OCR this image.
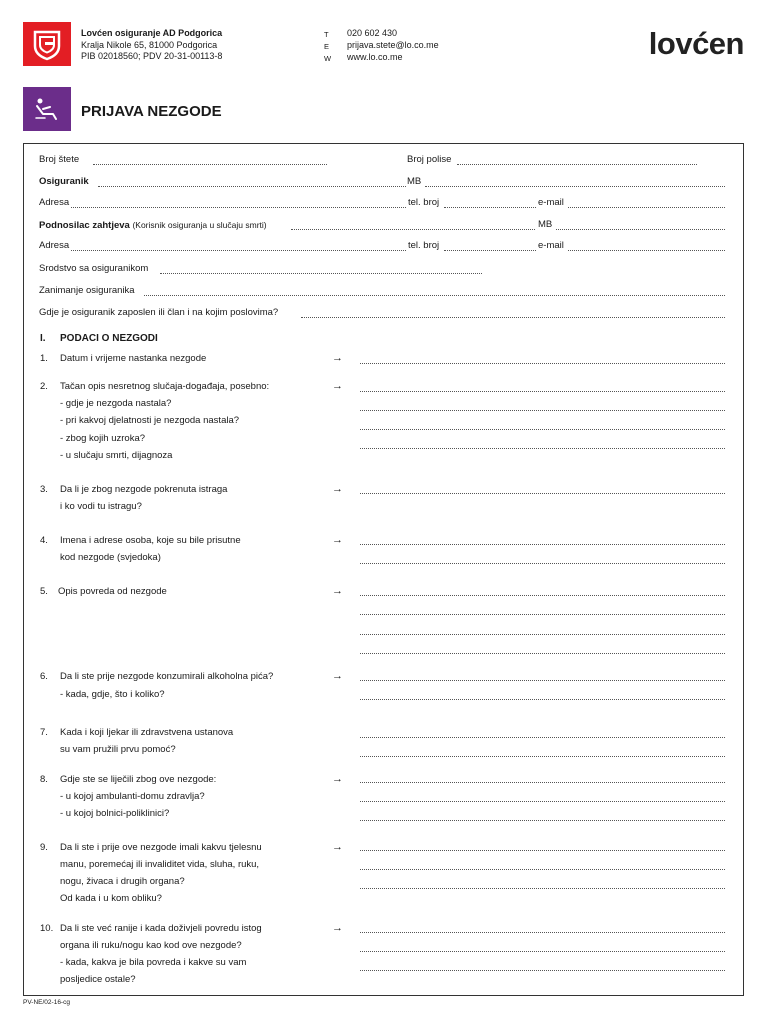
Lovćen osiguranje AD Podgorica
Kralja Nikole 65, 81000 Podgorica
PIB 02018560; PDV 20-31-00113-8
T 020 602 430
E prijava.stete@lo.co.me
W www.lo.co.me	lovćen
PRIJAVA NEZGODE
Broj štete	Broj polise
Osiguranik	MB
Adresa	tel. broj	e-mail
Podnosilac zahtjeva (Korisnik osiguranja u slučaju smrti)	MB
Adresa	tel. broj	e-mail
Srodstvo sa osiguranikom
Zanimanje osiguranika
Gdje je osiguranik zaposlen ili član i na kojim poslovima?
I. PODACI O NEZGODI
1. Datum i vrijeme nastanka nezgode	→
2. Tačan opis nesretnog slučaja-događaja, posebno:
- gdje je nezgoda nastala?
- pri kakvoj djelatnosti je nezgoda nastala?
- zbog kojih uzroka?
- u slučaju smrti, dijagnoza
→
3. Da li je zbog nezgode pokrenuta istraga
i ko vodi tu istragu?
→
4. Imena i adrese osoba, koje su bile prisutne
kod nezgode (svjedoka)
→
5. Opis povreda od nezgode	→
6. Da li ste prije nezgode konzumirali alkoholna pića?
- kada, gdje, što i koliko?
→
7. Kada i koji ljekar ili zdravstvena ustanova
su vam pružili prvu pomoć?
8. Gdje ste se liječili zbog ove nezgode:
- u kojoj ambulanti-domu zdravlja?
- u kojoj bolnici-poliklinici?
→
9. Da li ste i prije ove nezgode imali kakvu tjelesnu
manu, poremećaj ili invaliditet vida, sluha, ruku,
nogu, živaca i drugih organa?
Od kada i u kom obliku?
→
10. Da li ste već ranije i kada doživjeli povredu istog
organa ili ruku/nogu kao kod ove nezgode?
- kada, kakva je bila povreda i kakve su vam
posljedice ostale?
→
PV-NE/02-16-cg
